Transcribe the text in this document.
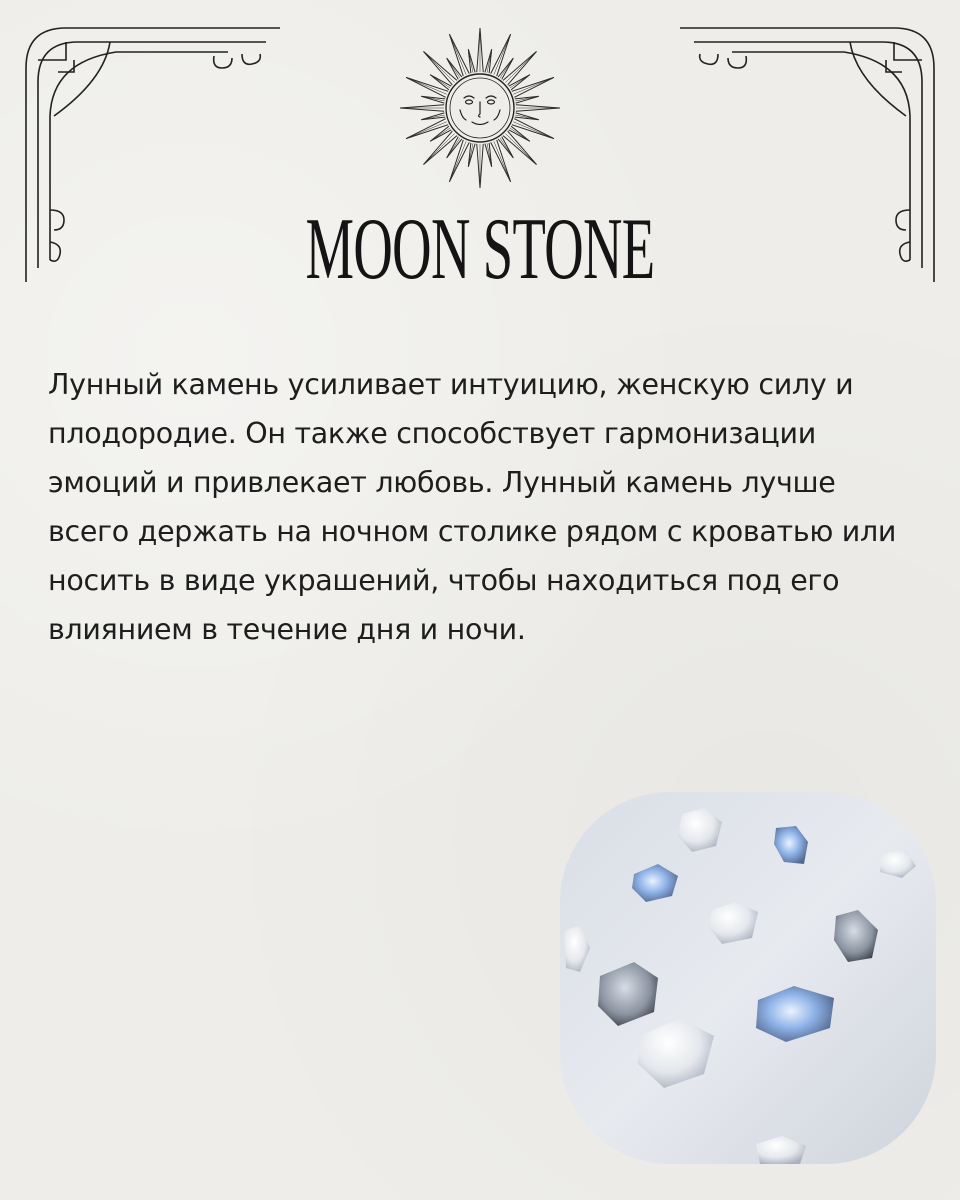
MOON STONE

Лунный камень усиливает интуицию, женскую силу и плодородие. Он также способствует гармонизации эмоций и привлекает любовь. Лунный камень лучше всего держать на ночном столике рядом с кроватью или носить в виде украшений, чтобы находиться под его влиянием в течение дня и ночи.
